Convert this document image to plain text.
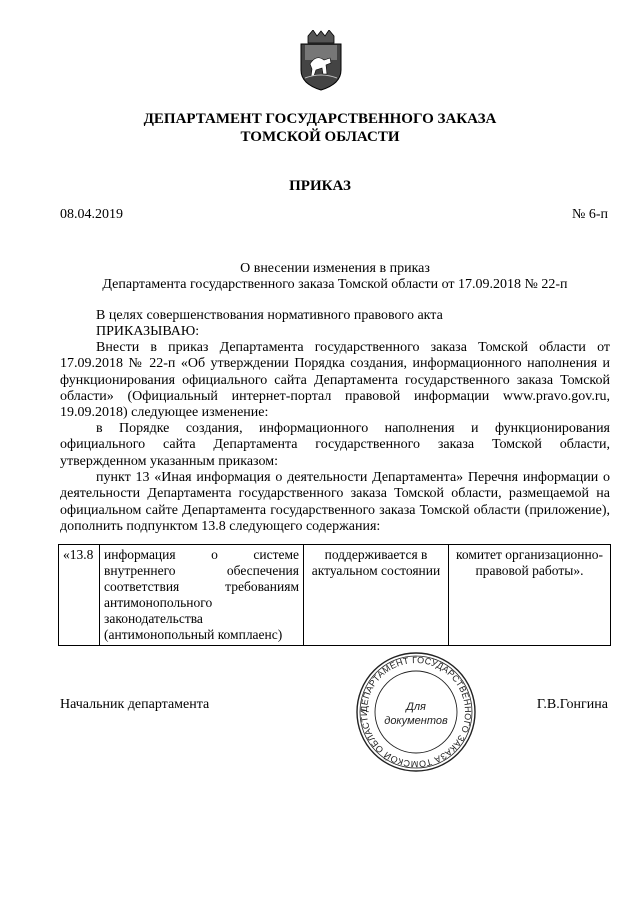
ДЕПАРТАМЕНТ ГОСУДАРСТВЕННОГО ЗАКАЗА
ТОМСКОЙ ОБЛАСТИ
ПРИКАЗ
08.04.2019	№ 6-п
О внесении изменения в приказ
Департамента государственного заказа Томской области от 17.09.2018 № 22-п
В целях совершенствования нормативного правового акта
ПРИКАЗЫВАЮ:
Внести в приказ Департамента государственного заказа Томской области от 17.09.2018 № 22-п «Об утверждении Порядка создания, информационного наполнения и функционирования официального сайта Департамента государственного заказа Томской области» (Официальный интернет-портал правовой информации www.pravo.gov.ru, 19.09.2018) следующее изменение:
в Порядке создания, информационного наполнения и функционирования официального сайта Департамента государственного заказа Томской области, утвержденном указанным приказом:
пункт 13 «Иная информация о деятельности Департамента» Перечня информации о деятельности Департамента государственного заказа Томской области, размещаемой на официальном сайте Департамента государственного заказа Томской области (приложение), дополнить подпунктом 13.8 следующего содержания:
«13.8	информация о системе внутреннего обеспечения соответствия требованиям антимонопольного законодательства (антимонопольный комплаенс)	поддерживается в актуальном состоянии	комитет организационно-правовой работы».
Начальник департамента	Г.В.Гонгина
ДЕПАРТАМЕНТ ГОСУДАРСТВЕННОГО ЗАКАЗА ТОМСКОЙ ОБЛАСТИ	Для
документов
